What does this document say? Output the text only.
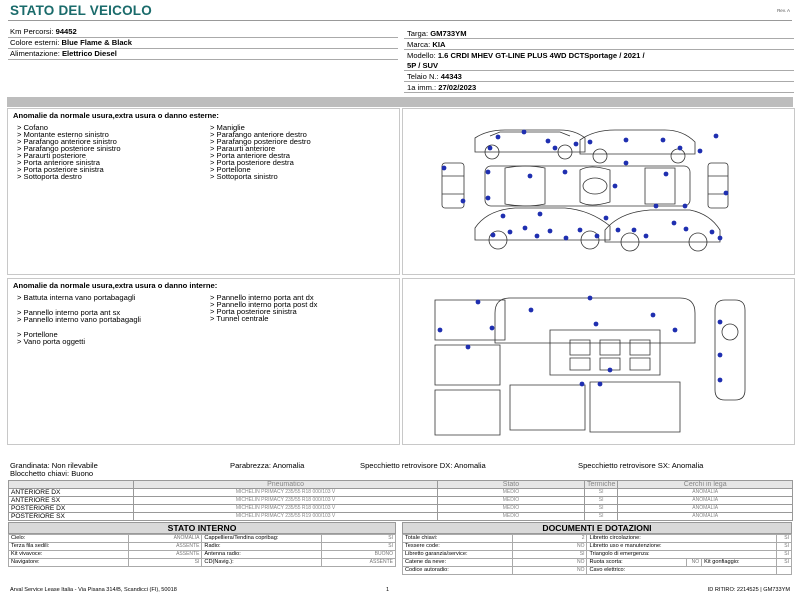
STATO DEL VEICOLO	Rev. A
Km Percorsi: 94452
Colore esterni: Blue Flame & Black
Alimentazione: Elettrico Diesel
Targa: GM733YM
Marca: KIA
Modello: 1.6 CRDI MHEV GT-LINE PLUS 4WD DCTSportage / 2021 /
5P / SUV
Telaio N.: 44343
1a imm.: 27/02/2023
Anomalie da normale usura,extra usura o danno esterne:
> Cofano
> Montante esterno sinistro
> Parafango anteriore sinistro
> Parafango posteriore sinistro
> Paraurti posteriore
> Porta anteriore sinistra
> Porta posteriore sinistra
> Sottoporta destro
> Maniglie
> Parafango anteriore destro
> Parafango posteriore destro
> Paraurti anteriore
> Porta anteriore destra
> Porta posteriore destra
> Portellone
> Sottoporta sinistro
Anomalie da normale usura,extra usura o danno interne:
> Battuta interna vano portabagagli
> Pannello interno porta ant sx
> Pannello interno vano portabagagli
> Portellone
> Vano porta oggetti
> Pannello interno porta ant dx
> Pannello interno porta post dx
> Porta posteriore sinistra
> Tunnel centrale
Grandinata: Non rilevabile
Blocchetto chiavi: Buono
Parabrezza: Anomalia	Specchietto retrovisore DX: Anomalia	Specchietto retrovisore SX: Anomalia
	Pneumatico	Stato	Termiche	Cerchi in lega
ANTERIORE DX	MICHELIN PRIMACY 235/55 R18 000/103 V	MEDIO	SI	ANOMALIA
ANTERIORE SX	MICHELIN PRIMACY 235/55 R18 000/103 V	MEDIO	SI	ANOMALIA
POSTERIORE DX	MICHELIN PRIMACY 235/55 R18 000/103 V	MEDIO	SI	ANOMALIA
POSTERIORE SX	MICHELIN PRIMACY 235/55 R19 000/103 V	MEDIO	SI	ANOMALIA
STATO INTERNO
Cielo:	ANOMALIA	Cappelliera/Tendina copribag:	SI
Terza fila sedili:	ASSENTE	Radio:	SI
Kit vivavoce:	ASSENTE	Antenna radio:	BUONO
Navigatore:	SI	CD(Navig.):	ASSENTE
DOCUMENTI E DOTAZIONI
Totale chiavi:	2	Libretto circolazione:			SI
Tessere code:	NO	Libretto uso e manutenzione:			SI
Libretto garanzia/service:	SI	Triangolo di emergenza:			SI
Catene da neve:	NO	Ruota scorta:	NO	Kit gonfiaggio:	SI
Codice autoradio:	NO	Cavo elettrico:			
Arval Service Lease Italia - Via Pisana 314/B, Scandicci (FI), 50018	1	ID RITIRO: 2214525 | GM733YM
